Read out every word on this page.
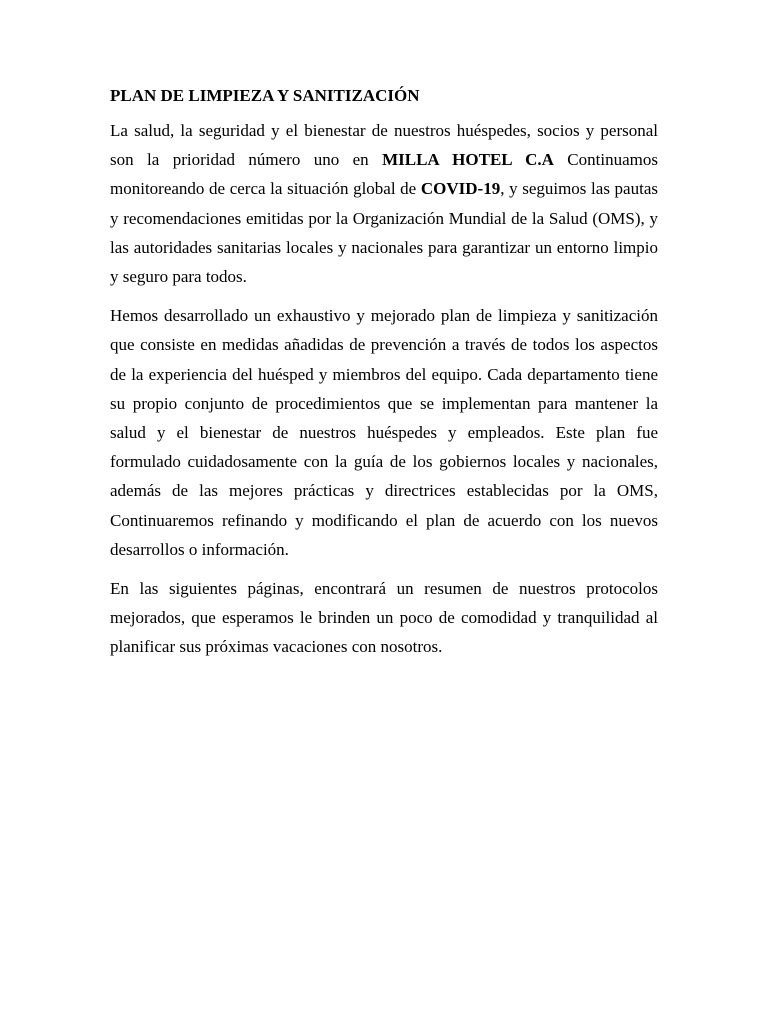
PLAN DE LIMPIEZA Y SANITIZACIÓN

La salud, la seguridad y el bienestar de nuestros huéspedes, socios y personal son la prioridad número uno en MILLA HOTEL C.A Continuamos monitoreando de cerca la situación global de COVID-19, y seguimos las pautas y recomendaciones emitidas por la Organización Mundial de la Salud (OMS), y las autoridades sanitarias locales y nacionales para garantizar un entorno limpio y seguro para todos.

Hemos desarrollado un exhaustivo y mejorado plan de limpieza y sanitización que consiste en medidas añadidas de prevención a través de todos los aspectos de la experiencia del huésped y miembros del equipo. Cada departamento tiene su propio conjunto de procedimientos que se implementan para mantener la salud y el bienestar de nuestros huéspedes y empleados. Este plan fue formulado cuidadosamente con la guía de los gobiernos locales y nacionales, además de las mejores prácticas y directrices establecidas por la OMS, Continuaremos refinando y modificando el plan de acuerdo con los nuevos desarrollos o información.

En las siguientes páginas, encontrará un resumen de nuestros protocolos mejorados, que esperamos le brinden un poco de comodidad y tranquilidad al planificar sus próximas vacaciones con nosotros.
